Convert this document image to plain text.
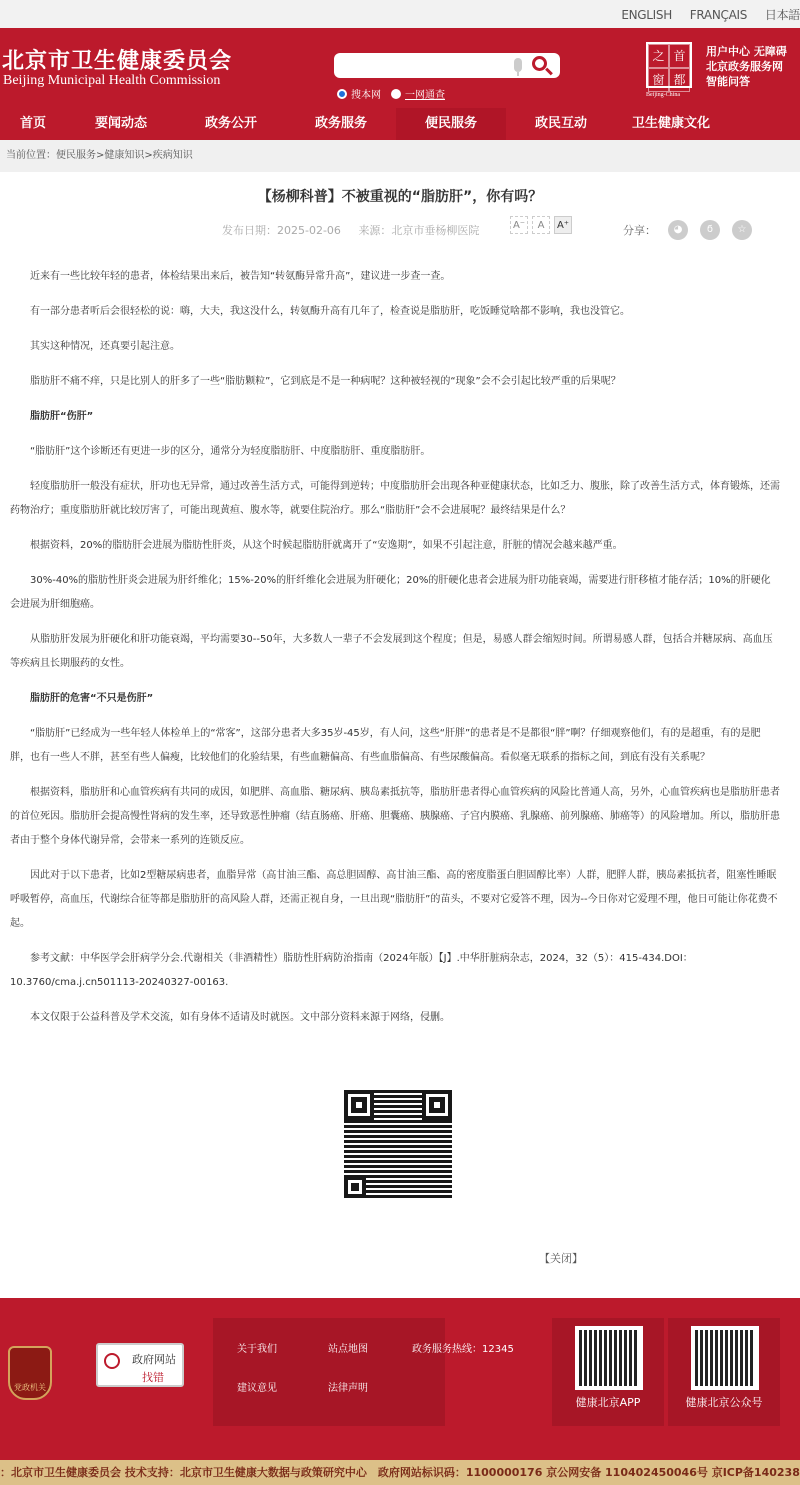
ENGLISH FRANÇAIS 日本語
北京市卫生健康委员会
Beijing Municipal Health Commission
搜本网 一网通查
之 首
窗 都
Beijing-China
用户中心 无障碍
北京政务服务网
智能问答
首页	要闻动态	政务公开	政务服务	便民服务	政民互动	卫生健康文化
当前位置：便民服务>健康知识>疾病知识
【杨柳科普】不被重视的“脂肪肝”，你有吗？
发布日期：2025-02-06 来源：北京市垂杨柳医院	A⁻	A	A⁺	分享：	◕	ϭ	☆

近来有一些比较年轻的患者，体检结果出来后，被告知“转氨酶异常升高”，建议进一步查一查。

有一部分患者听后会很轻松的说：嗨，大夫，我这没什么，转氨酶升高有几年了，检查说是脂肪肝，吃饭睡觉啥都不影响，我也没管它。

其实这种情况，还真要引起注意。

脂肪肝不痛不痒，只是比别人的肝多了一些“脂肪颗粒”，它到底是不是一种病呢？这种被轻视的“现象”会不会引起比较严重的后果呢？

脂肪肝“伤肝”

“脂肪肝”这个诊断还有更进一步的区分，通常分为轻度脂肪肝、中度脂肪肝、重度脂肪肝。

轻度脂肪肝一般没有症状，肝功也无异常，通过改善生活方式，可能得到逆转；中度脂肪肝会出现各种亚健康状态，比如乏力、腹胀，除了改善生活方式，体育锻炼，还需药物治疗；重度脂肪肝就比较厉害了，可能出现黄疸、腹水等，就要住院治疗。那么“脂肪肝”会不会进展呢？最终结果是什么？

根据资料，20%的脂肪肝会进展为脂肪性肝炎，从这个时候起脂肪肝就离开了“安逸期”，如果不引起注意，肝脏的情况会越来越严重。

30%-40%的脂肪性肝炎会进展为肝纤维化；15%-20%的肝纤维化会进展为肝硬化；20%的肝硬化患者会进展为肝功能衰竭，需要进行肝移植才能存活；10%的肝硬化会进展为肝细胞癌。

从脂肪肝发展为肝硬化和肝功能衰竭，平均需要30--50年，大多数人一辈子不会发展到这个程度；但是，易感人群会缩短时间。所谓易感人群，包括合并糖尿病、高血压等疾病且长期服药的女性。

脂肪肝的危害“不只是伤肝”

“脂肪肝”已经成为一些年轻人体检单上的“常客”，这部分患者大多35岁-45岁，有人问，这些“肝胖”的患者是不是都很“胖”啊？仔细观察他们，有的是超重，有的是肥胖，也有一些人不胖，甚至有些人偏瘦，比较他们的化验结果，有些血糖偏高、有些血脂偏高、有些尿酸偏高。看似毫无联系的指标之间，到底有没有关系呢？

根据资料，脂肪肝和心血管疾病有共同的成因，如肥胖、高血脂、糖尿病、胰岛素抵抗等，脂肪肝患者得心血管疾病的风险比普通人高，另外，心血管疾病也是脂肪肝患者的首位死因。脂肪肝会提高慢性肾病的发生率，还导致恶性肿瘤（结直肠癌、肝癌、胆囊癌、胰腺癌、子宫内膜癌、乳腺癌、前列腺癌、肺癌等）的风险增加。所以，脂肪肝患者由于整个身体代谢异常，会带来一系列的连锁反应。

因此对于以下患者，比如2型糖尿病患者，血脂异常（高甘油三酯、高总胆固醇、高甘油三酯、高的密度脂蛋白胆固醇比率）人群，肥胖人群，胰岛素抵抗者，阻塞性睡眠呼吸暂停，高血压，代谢综合征等都是脂肪肝的高风险人群，还需正视自身，一旦出现“脂肪肝”的苗头，不要对它爱答不理，因为--今日你对它爱理不理，他日可能让你花费不起。

参考文献：中华医学会肝病学分会.代谢相关（非酒精性）脂肪性肝病防治指南（2024年版）【J】.中华肝脏病杂志，2024，32（5）：415-434.DOI：10.3760/cma.j.cn501113-20240327-00163.

本文仅限于公益科普及学术交流，如有身体不适请及时就医。文中部分资料来源于网络，侵删。

【关闭】
党政机关
政府网站
找错
关于我们	站点地图
建议意见	法律声明
政务服务热线：12345
健康北京APP	健康北京公众号
：北京市卫生健康委员会 技术支持：北京市卫生健康大数据与政策研究中心　政府网站标识码：1100000176 京公网安备 11040245004​6号 京ICP备140238
